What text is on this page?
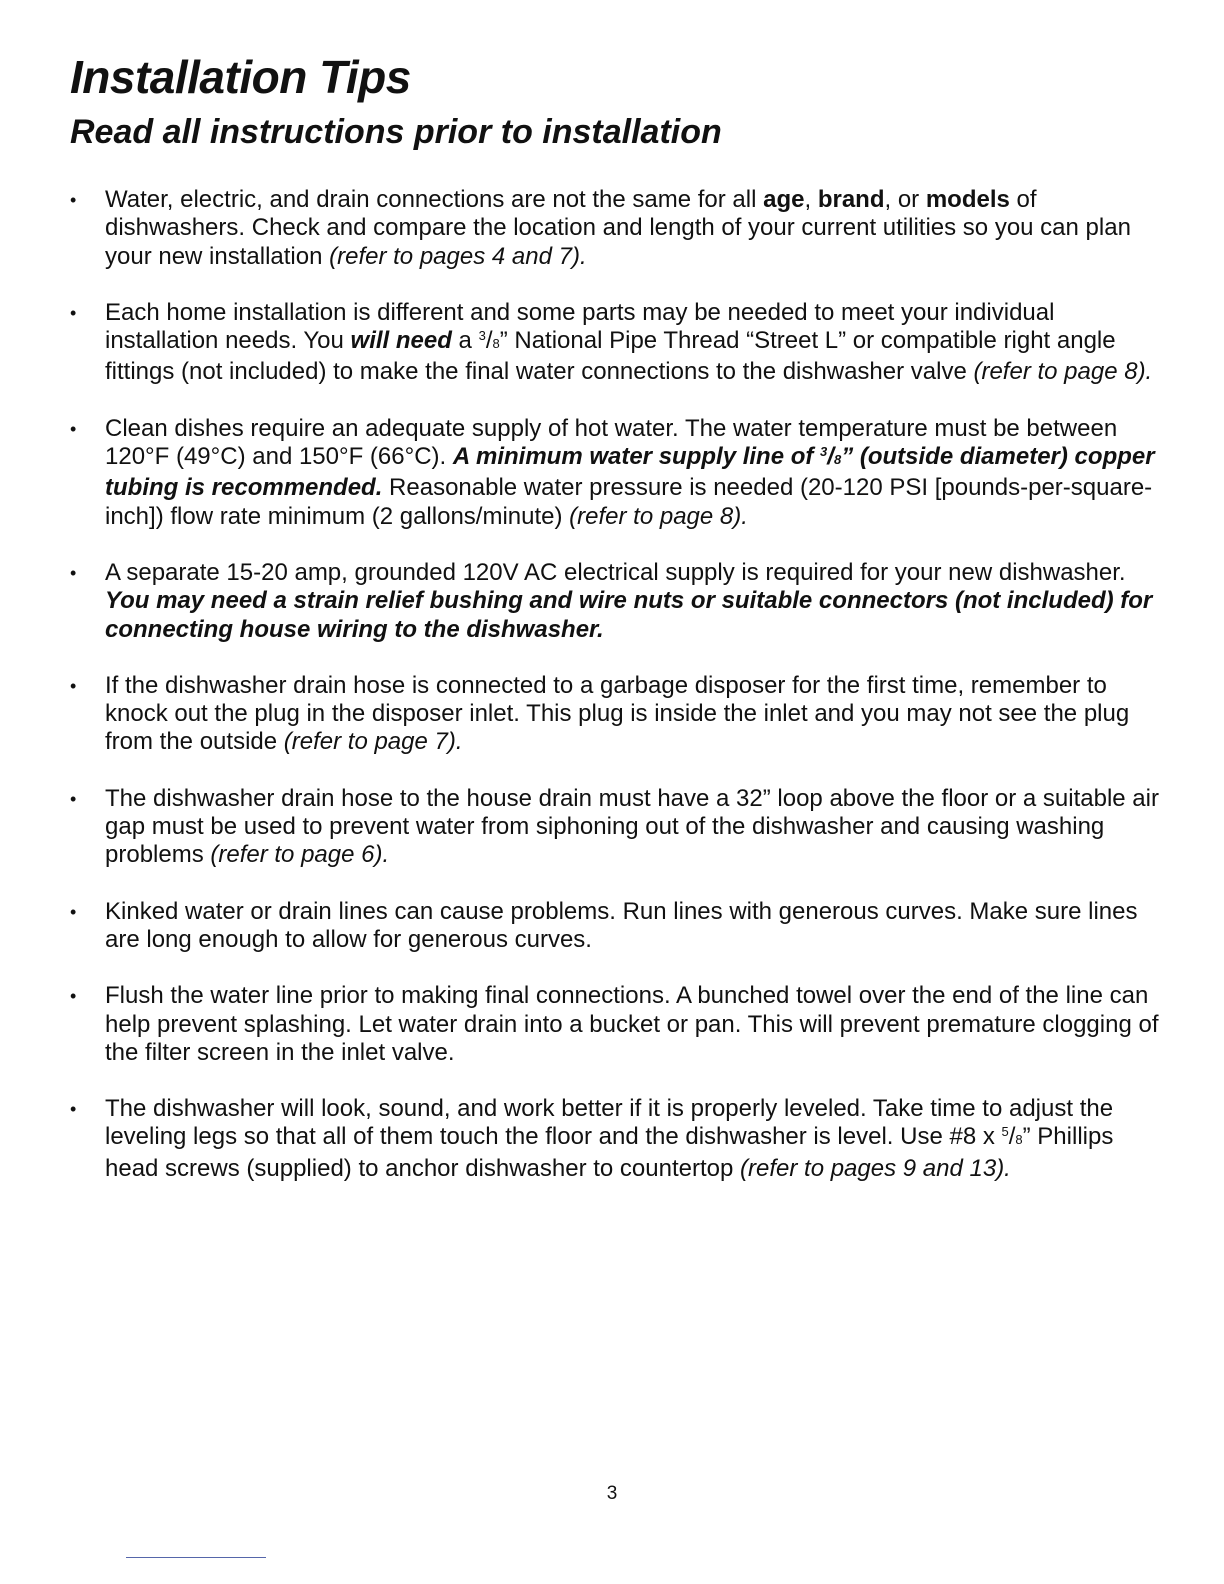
Installation Tips
Read all instructions prior to installation
• Water, electric, and drain connections are not the same for all age, brand, or models of dishwashers. Check and compare the location and length of your current utilities so you can plan your new installation (refer to pages 4 and 7).
• Each home installation is different and some parts may be needed to meet your individual installation needs. You will need a $^3$/8” National Pipe Thread “Street L” or compatible right angle fittings (not included) to make the final water connections to the dishwasher valve (refer to page 8).
• Clean dishes require an adequate supply of hot water. The water temperature must be between 120°F (49°C) and 150°F (66°C). A minimum water supply line of $^3$/8” (outside diameter) copper tubing is recommended. Reasonable water pressure is needed (20-120 PSI [pounds-per-square-inch]) flow rate minimum (2 gallons/minute) (refer to page 8).
• A separate 15-20 amp, grounded 120V AC electrical supply is required for your new dishwasher. You may need a strain relief bushing and wire nuts or suitable connectors (not included) for connecting house wiring to the dishwasher.
• If the dishwasher drain hose is connected to a garbage disposer for the first time, remember to knock out the plug in the disposer inlet. This plug is inside the inlet and you may not see the plug from the outside (refer to page 7).
• The dishwasher drain hose to the house drain must have a 32” loop above the floor or a suitable air gap must be used to prevent water from siphoning out of the dishwasher and causing washing problems (refer to page 6).
• Kinked water or drain lines can cause problems. Run lines with generous curves. Make sure lines are long enough to allow for generous curves.
• Flush the water line prior to making final connections. A bunched towel over the end of the line can help prevent splashing. Let water drain into a bucket or pan. This will prevent premature clogging of the filter screen in the inlet valve.
• The dishwasher will look, sound, and work better if it is properly leveled. Take time to adjust the leveling legs so that all of them touch the floor and the dishwasher is level. Use #8 x $^5$/8” Phillips head screws (supplied) to anchor dishwasher to countertop (refer to pages 9 and 13).
3
